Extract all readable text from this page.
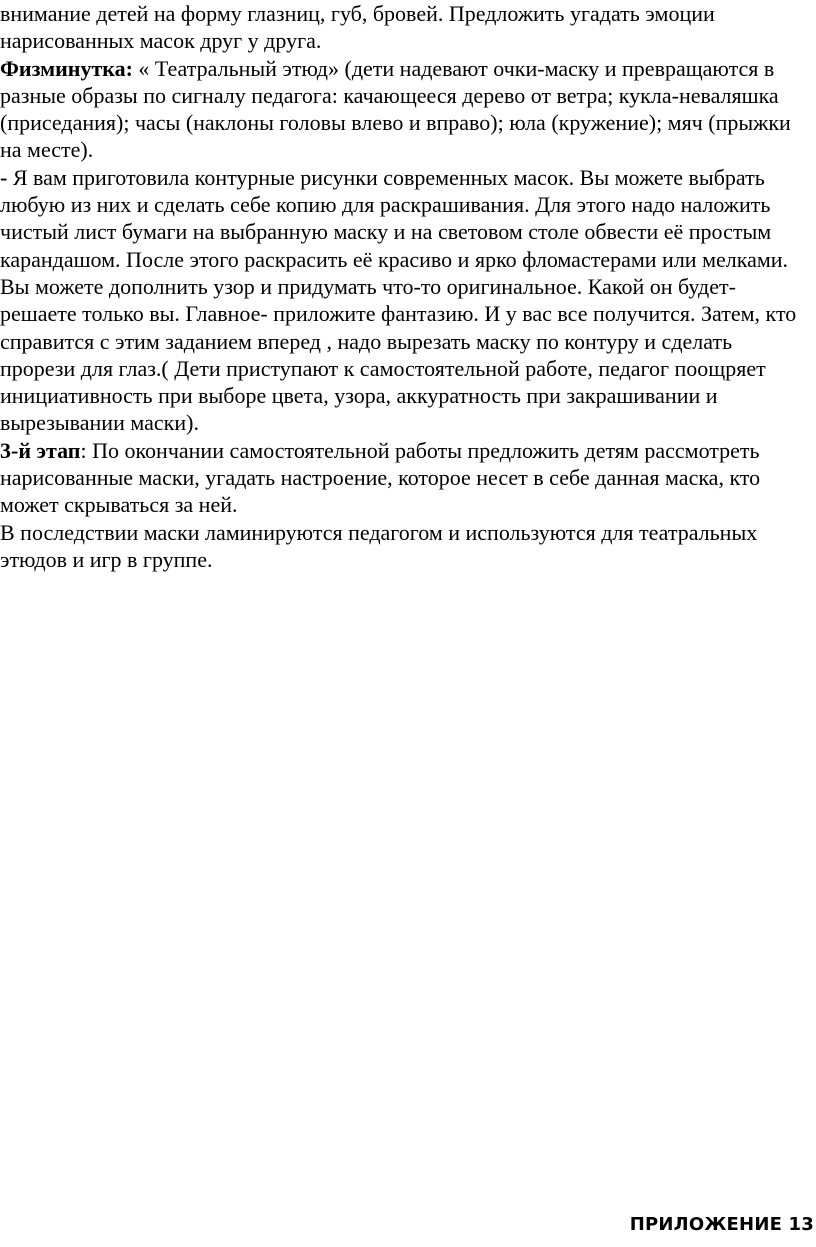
внимание детей на форму глазниц, губ, бровей. Предложить угадать эмоции нарисованных масок друг у друга.

Физминутка: « Театральный этюд» (дети надевают очки-маску и превращаются в разные образы по сигналу педагога: качающееся дерево от ветра; кукла-неваляшка (приседания); часы (наклоны головы влево и вправо); юла (кружение); мяч (прыжки на месте).

- Я вам приготовила контурные рисунки современных масок. Вы можете выбрать любую из них и сделать себе копию для раскрашивания. Для этого надо наложить чистый лист бумаги на выбранную маску и на световом столе обвести её простым карандашом. После этого раскрасить её красиво и ярко фломастерами или мелками. Вы можете дополнить узор и придумать что-то оригинальное. Какой он будет-решаете только вы. Главное- приложите фантазию. И у вас все получится. Затем, кто справится с этим заданием вперед , надо вырезать маску по контуру и сделать прорези для глаз.( Дети приступают к самостоятельной работе, педагог поощряет инициативность при выборе цвета, узора, аккуратность при закрашивании и вырезывании маски).

3-й этап: По окончании самостоятельной работы предложить детям рассмотреть нарисованные маски, угадать настроение, которое несет в себе данная маска, кто может скрываться за ней.

В последствии маски ламинируются педагогом и используются для театральных этюдов и игр в группе.

ПРИЛОЖЕНИЕ 13
